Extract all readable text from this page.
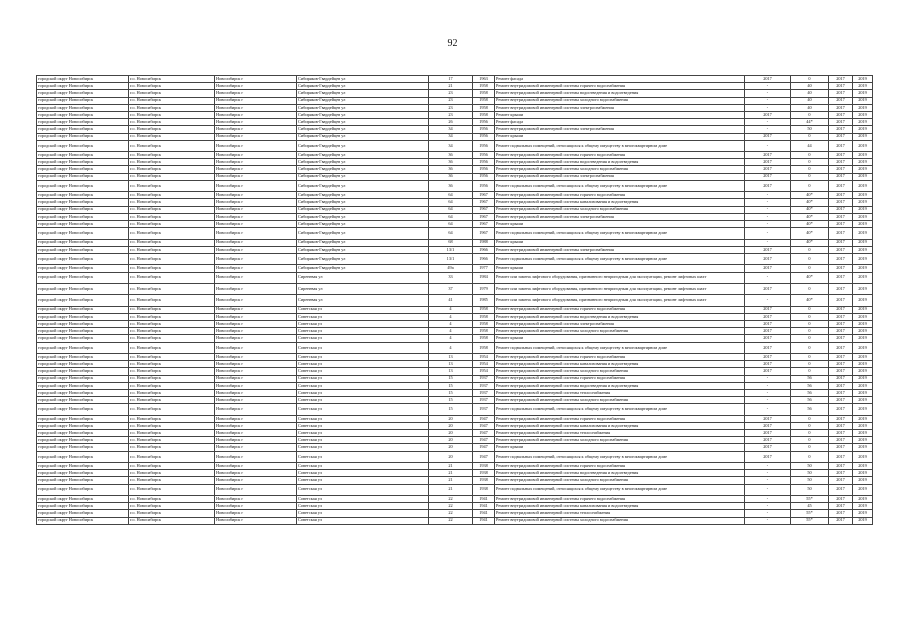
92
городской округ Новосибирск	г.о. Новосибирск	Новосибирск г	Сибиряков-Гвардейцев ул	17	1963	Ремонт фасада	2017	0	2017	2019
городской округ Новосибирск	г.о. Новосибирск	Новосибирск г	Сибиряков-Гвардейцев ул	21	1958	Ремонт внутридомовой инженерной системы горячего водоснабжения	-	40	2017	2019
городской округ Новосибирск	г.о. Новосибирск	Новосибирск г	Сибиряков-Гвардейцев ул	23	1958	Ремонт внутридомовой инженерной системы водоотведения и водоотведения	-	40	2017	2019
городской округ Новосибирск	г.о. Новосибирск	Новосибирск г	Сибиряков-Гвардейцев ул	23	1958	Ремонт внутридомовой инженерной системы холодного водоснабжения	-	40	2017	2019
городской округ Новосибирск	г.о. Новосибирск	Новосибирск г	Сибиряков-Гвардейцев ул	23	1958	Ремонт внутридомовой инженерной системы электроснабжения	-	40	2017	2019
городской округ Новосибирск	г.о. Новосибирск	Новосибирск г	Сибиряков-Гвардейцев ул	23	1958	Ремонт крыши	2017	0	2017	2019
городской округ Новосибирск	г.о. Новосибирск	Новосибирск г	Сибиряков-Гвардейцев ул	26	1956	Ремонт фасада	-	44*	2017	2019
городской округ Новосибирск	г.о. Новосибирск	Новосибирск г	Сибиряков-Гвардейцев ул	34	1956	Ремонт внутридомовой инженерной системы электроснабжения	-	50	2017	2019
городской округ Новосибирск	г.о. Новосибирск	Новосибирск г	Сибиряков-Гвардейцев ул	34	1956	Ремонт крыши	2017	0	2017	2019
городской округ Новосибирск	г.о. Новосибирск	Новосибирск г	Сибиряков-Гвардейцев ул	34	1956	Ремонт подвальных помещений, относящихся к общему имуществу в многоквартирном доме	-	44	2017	2019
городской округ Новосибирск	г.о. Новосибирск	Новосибирск г	Сибиряков-Гвардейцев ул	36	1956	Ремонт внутридомовой инженерной системы горячего водоснабжения	2017	0	2017	2019
городской округ Новосибирск	г.о. Новосибирск	Новосибирск г	Сибиряков-Гвардейцев ул	36	1956	Ремонт внутридомовой инженерной системы водоотведения и водоотведения	2017	0	2017	2019
городской округ Новосибирск	г.о. Новосибирск	Новосибирск г	Сибиряков-Гвардейцев ул	36	1956	Ремонт внутридомовой инженерной системы холодного водоснабжения	2017	0	2017	2019
городской округ Новосибирск	г.о. Новосибирск	Новосибирск г	Сибиряков-Гвардейцев ул	36	1956	Ремонт внутридомовой инженерной системы электроснабжения	2017	0	2017	2019
городской округ Новосибирск	г.о. Новосибирск	Новосибирск г	Сибиряков-Гвардейцев ул	36	1956	Ремонт подвальных помещений, относящихся к общему имуществу в многоквартирном доме	2017	0	2017	2019
городской округ Новосибирск	г.о. Новосибирск	Новосибирск г	Сибиряков-Гвардейцев ул	64	1967	Ремонт внутридомовой инженерной системы горячего водоснабжения	-	40*	2017	2019
городской округ Новосибирск	г.о. Новосибирск	Новосибирск г	Сибиряков-Гвардейцев ул	64	1967	Ремонт внутридомовой инженерной системы канализования и водоотведения	-	40*	2017	2019
городской округ Новосибирск	г.о. Новосибирск	Новосибирск г	Сибиряков-Гвардейцев ул	64	1967	Ремонт внутридомовой инженерной системы холодного водоснабжения	-	40*	2017	2019
городской округ Новосибирск	г.о. Новосибирск	Новосибирск г	Сибиряков-Гвардейцев ул	64	1967	Ремонт внутридомовой инженерной системы электроснабжения	-	40*	2017	2019
городской округ Новосибирск	г.о. Новосибирск	Новосибирск г	Сибиряков-Гвардейцев ул	64	1967	Ремонт крыши	-	40*	2017	2019
городской округ Новосибирск	г.о. Новосибирск	Новосибирск г	Сибиряков-Гвардейцев ул	64	1967	Ремонт подвальных помещений, относящихся к общему имуществу в многоквартирном доме	-	40*	2017	2019
городской округ Новосибирск	г.о. Новосибирск	Новосибирск г	Сибиряков-Гвардейцев ул	68	1988	Ремонт крыши	-	40*	2017	2019
городской округ Новосибирск	г.о. Новосибирск	Новосибирск г	Сибиряков-Гвардейцев ул	13/1	1966	Ремонт внутридомовой инженерной системы электроснабжения	2017	0	2017	2019
городской округ Новосибирск	г.о. Новосибирск	Новосибирск г	Сибиряков-Гвардейцев ул	13/1	1966	Ремонт подвальных помещений, относящихся к общему имуществу в многоквартирном доме	2017	0	2017	2019
городской округ Новосибирск	г.о. Новосибирск	Новосибирск г	Сибиряков-Гвардейцев ул	49a	1977	Ремонт крыши	2017	0	2017	2019
городской округ Новосибирск	г.о. Новосибирск	Новосибирск г	Сиреневая ул	33	1984	Ремонт или замена лифтового оборудования, признанного непригодным для эксплуатации, ремонт лифтовых шахт	-	40*	2017	2019
городской округ Новосибирск	г.о. Новосибирск	Новосибирск г	Сиреневая ул	37	1979	Ремонт или замена лифтового оборудования, признанного непригодным для эксплуатации, ремонт лифтовых шахт	2017	0	2017	2019
городской округ Новосибирск	г.о. Новосибирск	Новосибирск г	Сиреневая ул	41	1985	Ремонт или замена лифтового оборудования, признанного непригодным для эксплуатации, ремонт лифтовых шахт	-	40*	2017	2019
городской округ Новосибирск	г.о. Новосибирск	Новосибирск г	Советская ул	4	1958	Ремонт внутридомовой инженерной системы горячего водоснабжения	2017	0	2017	2019
городской округ Новосибирск	г.о. Новосибирск	Новосибирск г	Советская ул	4	1958	Ремонт внутридомовой инженерной системы водоотведения и водоотведения	2017	0	2017	2019
городской округ Новосибирск	г.о. Новосибирск	Новосибирск г	Советская ул	4	1958	Ремонт внутридомовой инженерной системы электроснабжения	2017	0	2017	2019
городской округ Новосибирск	г.о. Новосибирск	Новосибирск г	Советская ул	4	1958	Ремонт внутридомовой инженерной системы холодного водоснабжения	2017	0	2017	2019
городской округ Новосибирск	г.о. Новосибирск	Новосибирск г	Советская ул	4	1958	Ремонт крыши	2017	0	2017	2019
городской округ Новосибирск	г.о. Новосибирск	Новосибирск г	Советская ул	4	1958	Ремонт подвальных помещений, относящихся к общему имуществу в многоквартирном доме	2017	0	2017	2019
городской округ Новосибирск	г.о. Новосибирск	Новосибирск г	Советская ул	13	1954	Ремонт внутридомовой инженерной системы горячего водоснабжения	2017	0	2017	2019
городской округ Новосибирск	г.о. Новосибирск	Новосибирск г	Советская ул	13	1954	Ремонт внутридомовой инженерной системы канализования и водоотведения	2017	0	2017	2019
городской округ Новосибирск	г.о. Новосибирск	Новосибирск г	Советская ул	13	1954	Ремонт внутридомовой инженерной системы холодного водоснабжения	2017	0	2017	2019
городской округ Новосибирск	г.о. Новосибирск	Новосибирск г	Советская ул	15	1937	Ремонт внутридомовой инженерной системы горячего водоснабжения	-	56	2017	2019
городской округ Новосибирск	г.о. Новосибирск	Новосибирск г	Советская ул	15	1937	Ремонт внутридомовой инженерной системы водоотведения и водоотведения	-	56	2017	2019
городской округ Новосибирск	г.о. Новосибирск	Новосибирск г	Советская ул	15	1937	Ремонт внутридомовой инженерной системы теплоснабжения	-	56	2017	2019
городской округ Новосибирск	г.о. Новосибирск	Новосибирск г	Советская ул	15	1937	Ремонт внутридомовой инженерной системы холодного водоснабжения	-	56	2017	2019
городской округ Новосибирск	г.о. Новосибирск	Новосибирск г	Советская ул	15	1937	Ремонт подвальных помещений, относящихся к общему имуществу в многоквартирном доме	-	56	2017	2019
городской округ Новосибирск	г.о. Новосибирск	Новосибирск г	Советская ул	20	1947	Ремонт внутридомовой инженерной системы горячего водоснабжения	2017	0	2017	2019
городской округ Новосибирск	г.о. Новосибирск	Новосибирск г	Советская ул	20	1947	Ремонт внутридомовой инженерной системы канализования и водоотведения	2017	0	2017	2019
городской округ Новосибирск	г.о. Новосибирск	Новосибирск г	Советская ул	20	1947	Ремонт внутридомовой инженерной системы теплоснабжения	2017	0	2017	2019
городской округ Новосибирск	г.о. Новосибирск	Новосибирск г	Советская ул	20	1947	Ремонт внутридомовой инженерной системы холодного водоснабжения	2017	0	2017	2019
городской округ Новосибирск	г.о. Новосибирск	Новосибирск г	Советская ул	20	1947	Ремонт крыши	2017	0	2017	2019
городской округ Новосибирск	г.о. Новосибирск	Новосибирск г	Советская ул	20	1947	Ремонт подвальных помещений, относящихся к общему имуществу в многоквартирном доме	2017	0	2017	2019
городской округ Новосибирск	г.о. Новосибирск	Новосибирск г	Советская ул	21	1938	Ремонт внутридомовой инженерной системы горячего водоснабжения	-	50	2017	2019
городской округ Новосибирск	г.о. Новосибирск	Новосибирск г	Советская ул	21	1938	Ремонт внутридомовой инженерной системы водоотведения и водоотведения	-	50	2017	2019
городской округ Новосибирск	г.о. Новосибирск	Новосибирск г	Советская ул	21	1938	Ремонт внутридомовой инженерной системы холодного водоснабжения	-	50	2017	2019
городской округ Новосибирск	г.о. Новосибирск	Новосибирск г	Советская ул	21	1938	Ремонт подвальных помещений, относящихся к общему имуществу в многоквартирном доме	-	50	2017	2019
городской округ Новосибирск	г.о. Новосибирск	Новосибирск г	Советская ул	22	1941	Ремонт внутридомовой инженерной системы горячего водоснабжения	-	55*	2017	2019
городской округ Новосибирск	г.о. Новосибирск	Новосибирск г	Советская ул	22	1941	Ремонт внутридомовой инженерной системы канализования и водоотведения	-	45	2017	2019
городской округ Новосибирск	г.о. Новосибирск	Новосибирск г	Советская ул	22	1941	Ремонт внутридомовой инженерной системы теплоснабжения	-	55*	2017	2019
городской округ Новосибирск	г.о. Новосибирск	Новосибирск г	Советская ул	22	1941	Ремонт внутридомовой инженерной системы холодного водоснабжения	-	55*	2017	2019
